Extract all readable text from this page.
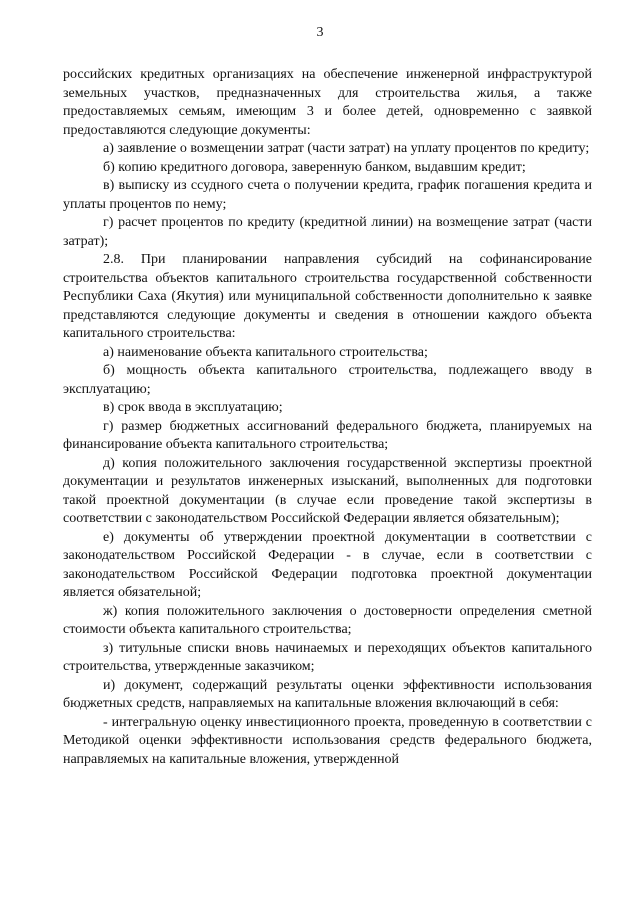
3

российских кредитных организациях на обеспечение инженерной инфраструктурой земельных участков, предназначенных для строительства жилья, а также предоставляемых семьям, имеющим 3 и более детей, одновременно с заявкой предоставляются следующие документы:

а) заявление о возмещении затрат (части затрат) на уплату процентов по кредиту;

б) копию кредитного договора, заверенную банком, выдавшим кредит;

в) выписку из ссудного счета о получении кредита, график погашения кредита и уплаты процентов по нему;

г) расчет процентов по кредиту (кредитной линии) на возмещение затрат (части затрат);

2.8. При планировании направления субсидий на софинансирование строительства объектов капитального строительства государственной собственности Республики Саха (Якутия) или муниципальной собственности дополнительно к заявке представляются следующие документы и сведения в отношении каждого объекта капитального строительства:

а) наименование объекта капитального строительства;

б) мощность объекта капитального строительства, подлежащего вводу в эксплуатацию;

в) срок ввода в эксплуатацию;

г) размер бюджетных ассигнований федерального бюджета, планируемых на финансирование объекта капитального строительства;

д) копия положительного заключения государственной экспертизы проектной документации и результатов инженерных изысканий, выполненных для подготовки такой проектной документации (в случае если проведение такой экспертизы в соответствии с законодательством Российской Федерации является обязательным);

е) документы об утверждении проектной документации в соответствии с законодательством Российской Федерации - в случае, если в соответствии с законодательством Российской Федерации подготовка проектной документации является обязательной;

ж) копия положительного заключения о достоверности определения сметной стоимости объекта капитального строительства;

з) титульные списки вновь начинаемых и переходящих объектов капитального строительства, утвержденные заказчиком;

и) документ, содержащий результаты оценки эффективности использования бюджетных средств, направляемых на капитальные вложения включающий в себя:

- интегральную оценку инвестиционного проекта, проведенную в соответствии с Методикой оценки эффективности использования средств федерального бюджета, направляемых на капитальные вложения, утвержденной
